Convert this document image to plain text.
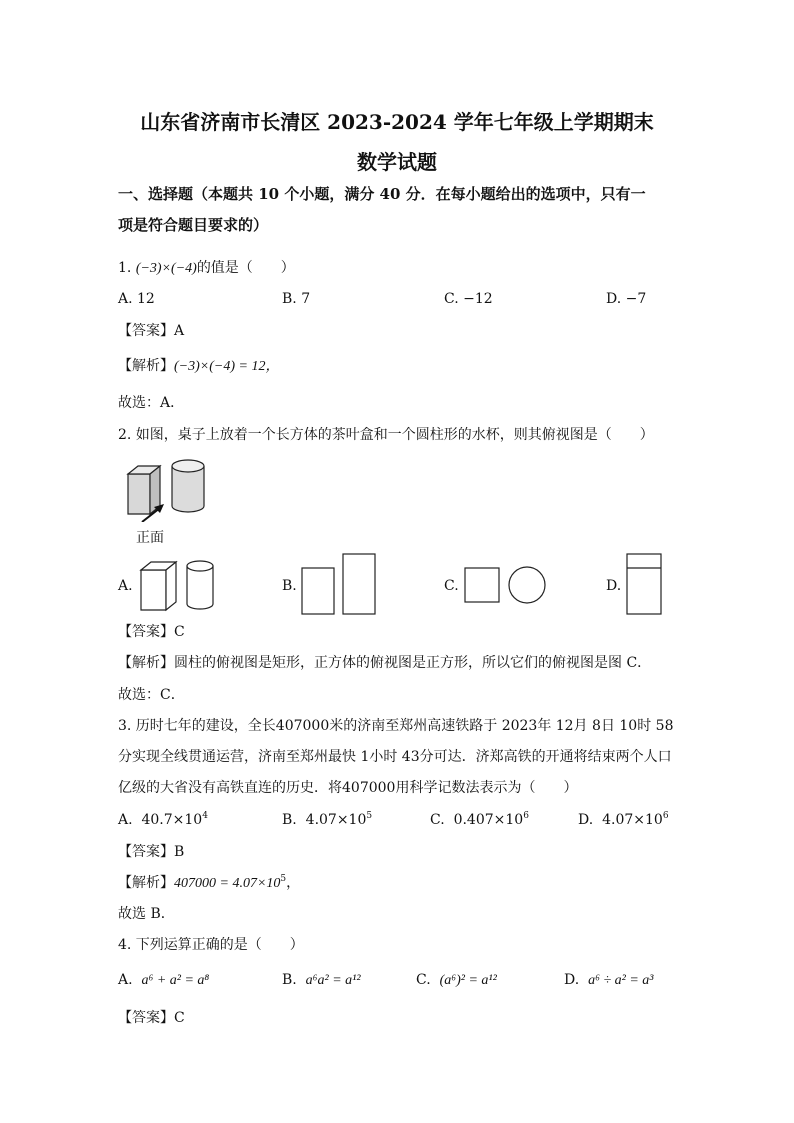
山东省济南市长清区 2023-2024 学年七年级上学期期末
数学试题
一、选择题（本题共 10 个小题，满分 40 分．在每小题给出的选项中，只有一
项是符合题目要求的）
1. (−3)×(−4)的值是（　　）
A. 12	B. 7	C. −12	D. −7
【答案】A
【解析】(−3)×(−4) = 12，
故选：A．
2. 如图，桌子上放着一个长方体的茶叶盒和一个圆柱形的水杯，则其俯视图是（　　）
正面
A.	B.	C.	D.
【答案】C
【解析】圆柱的俯视图是矩形，正方体的俯视图是正方形，所以它们的俯视图是图 C．
故选：C．
3. 历时七年的建设，全长407000米的济南至郑州高速铁路于 2023年 12月 8日 10时 58
分实现全线贯通运营，济南至郑州最快 1小时 43分可达．济郑高铁的开通将结束两个人口
亿级的大省没有高铁直连的历史．将407000用科学记数法表示为（　　）
A. $40.7\times 10^4$	B. $4.07\times 10^5$	C. $0.407\times 10^6$	D. $4.07\times 10^6$
【答案】B
【解析】$407000 = 4.07\times 10^5$，
故选 B．
4. 下列运算正确的是（　　）
A. a⁶ + a² = a⁸	B. a⁶a² = a¹²	C. (a⁶)² = a¹²	D. a⁶ ÷ a² = a³
【答案】C
